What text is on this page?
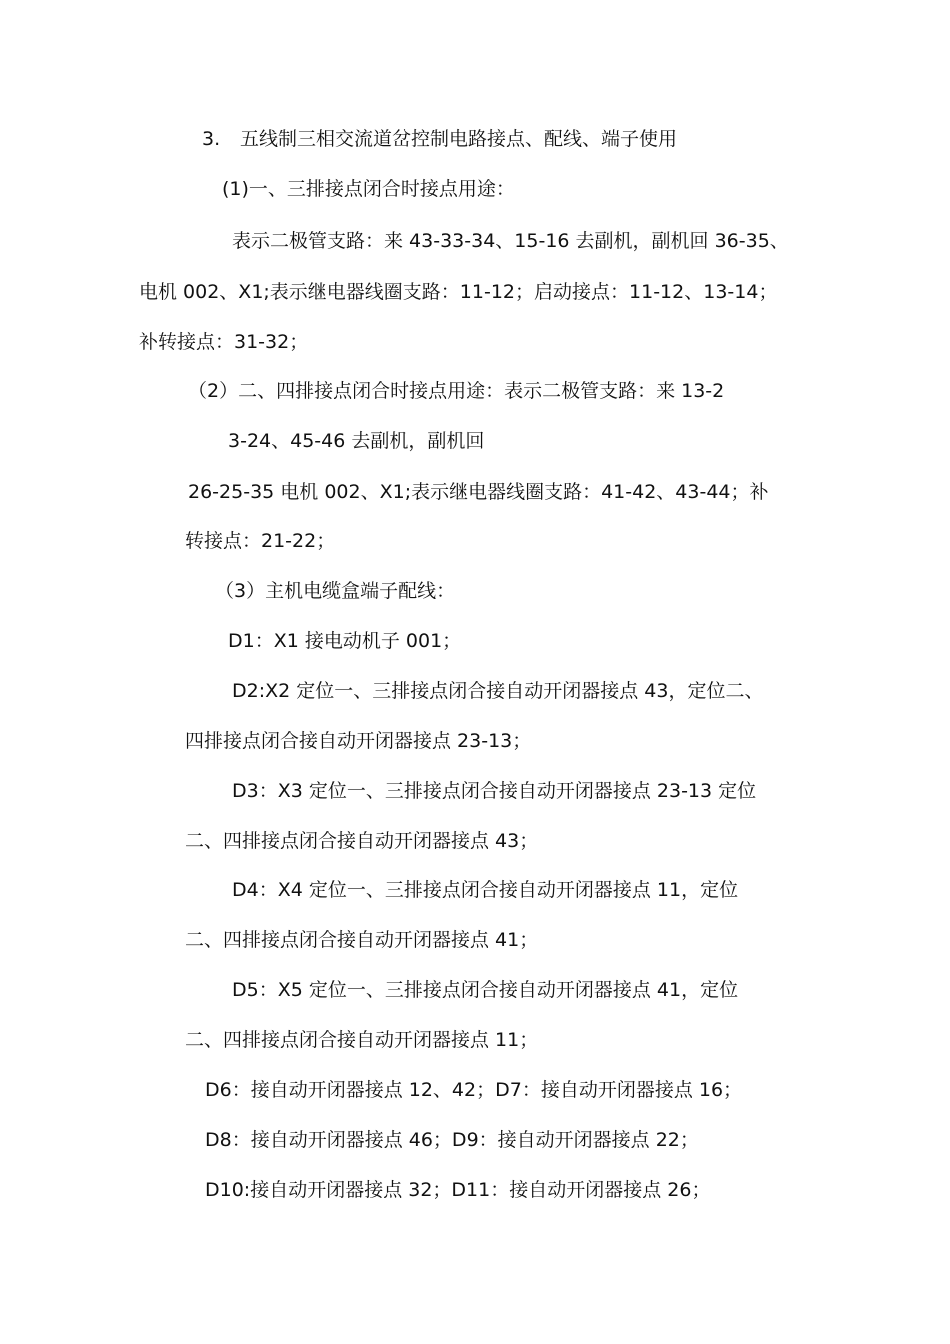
3. 五线制三相交流道岔控制电路接点、配线、端子使用
(1)一、三排接点闭合时接点用途：
表示二极管支路：来 43-33-34、15-16 去副机，副机回 36-35、
电机 002、X1;表示继电器线圈支路：11-12；启动接点：11-12、13-14；
补转接点：31-32；
（2）二、四排接点闭合时接点用途：表示二极管支路：来 13-2
3-24、45-46 去副机，副机回
26-25-35 电机 002、X1;表示继电器线圈支路：41-42、43-44；补
转接点：21-22；
（3）主机电缆盒端子配线：
D1：X1 接电动机子 001；
D2:X2 定位一、三排接点闭合接自动开闭器接点 43，定位二、
四排接点闭合接自动开闭器接点 23-13；
D3：X3 定位一、三排接点闭合接自动开闭器接点 23-13 定位
二、四排接点闭合接自动开闭器接点 43；
D4：X4 定位一、三排接点闭合接自动开闭器接点 11，定位
二、四排接点闭合接自动开闭器接点 41；
D5：X5 定位一、三排接点闭合接自动开闭器接点 41，定位
二、四排接点闭合接自动开闭器接点 11；
D6：接自动开闭器接点 12、42；D7：接自动开闭器接点 16；
D8：接自动开闭器接点 46；D9：接自动开闭器接点 22；
D10:接自动开闭器接点 32；D11：接自动开闭器接点 26；
